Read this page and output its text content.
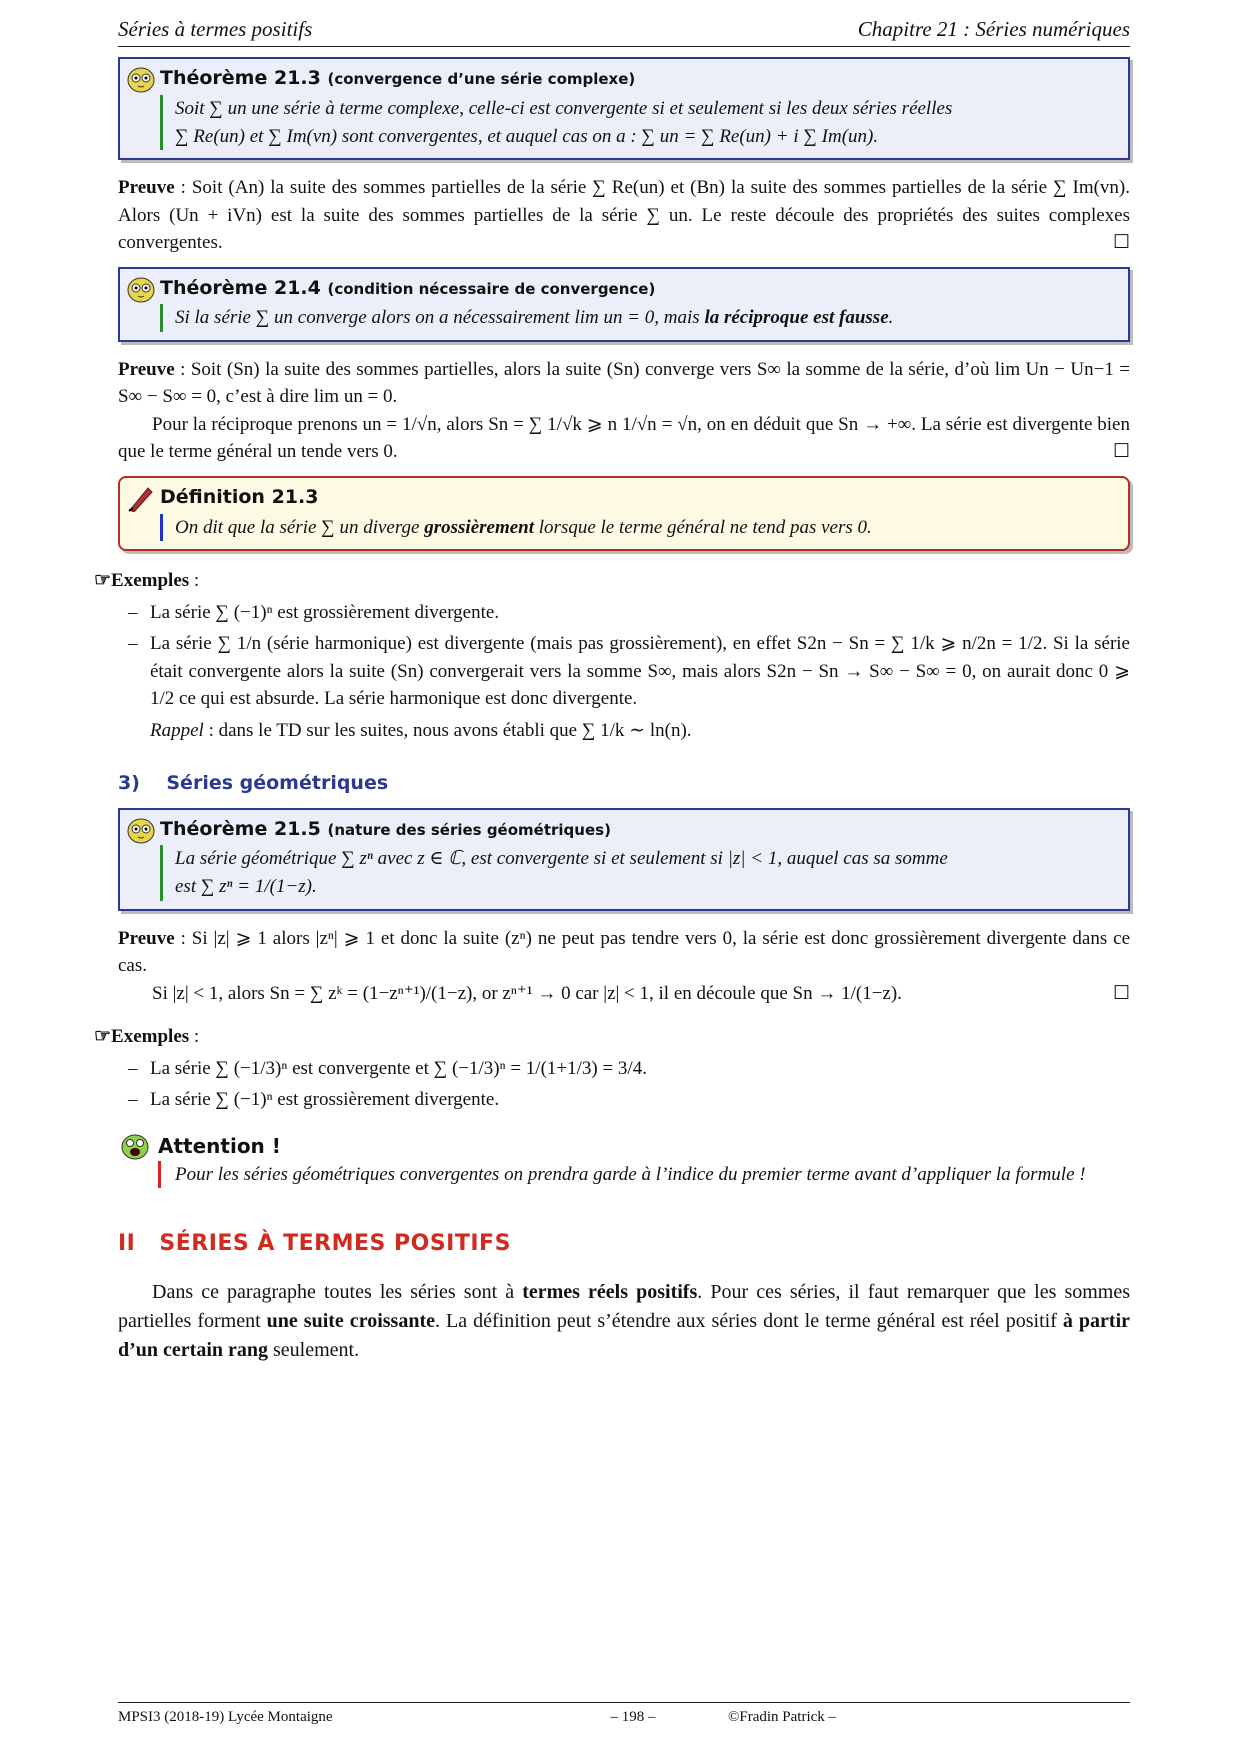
Séries à termes positifs	Chapitre 21 : Séries numériques
Théorème 21.3 (convergence d’une série complexe)
Soit ∑ un une série à terme complexe, celle-ci est convergente si et seulement si les deux séries réelles
∑ Re(un) et ∑ Im(vn) sont convergentes, et auquel cas on a : ∑ un = ∑ Re(un) + i ∑ Im(un).

Preuve : Soit (An) la suite des sommes partielles de la série ∑ Re(un) et (Bn) la suite des sommes partielles de la série ∑ Im(vn). Alors (Un + iVn) est la suite des sommes partielles de la série ∑ un. Le reste découle des propriétés des suites complexes convergentes.	☐

Théorème 21.4 (condition nécessaire de convergence)
Si la série ∑ un converge alors on a nécessairement lim un = 0, mais la réciproque est fausse.

Preuve : Soit (Sn) la suite des sommes partielles, alors la suite (Sn) converge vers S∞ la somme de la série, d’où lim Un − Un−1 = S∞ − S∞ = 0, c’est à dire lim un = 0.

Pour la réciproque prenons un = 1/√n, alors Sn = ∑ 1/√k ⩾ n 1/√n = √n, on en déduit que Sn → +∞. La série est divergente bien que le terme général un tende vers 0.	☐

Définition 21.3
On dit que la série ∑ un diverge grossièrement lorsque le terme général ne tend pas vers 0.
☞Exemples :
– La série ∑ (−1)ⁿ est grossièrement divergente.
– La série ∑ 1/n (série harmonique) est divergente (mais pas grossièrement), en effet S2n − Sn = ∑ 1/k ⩾ n/2n = 1/2. Si la série était convergente alors la suite (Sn) convergerait vers la somme S∞, mais alors S2n − Sn → S∞ − S∞ = 0, on aurait donc 0 ⩾ 1/2 ce qui est absurde. La série harmonique est donc divergente.
Rappel : dans le TD sur les suites, nous avons établi que ∑ 1/k ∼ ln(n).
3) Séries géométriques
Théorème 21.5 (nature des séries géométriques)
La série géométrique ∑ zⁿ avec z ∈ ℂ, est convergente si et seulement si |z| < 1, auquel cas sa somme
est ∑ zⁿ = 1/(1−z).

Preuve : Si |z| ⩾ 1 alors |zⁿ| ⩾ 1 et donc la suite (zⁿ) ne peut pas tendre vers 0, la série est donc grossièrement divergente dans ce cas.

Si |z| < 1, alors Sn = ∑ zᵏ = (1−zⁿ⁺¹)/(1−z), or zⁿ⁺¹ → 0 car |z| < 1, il en découle que Sn → 1/(1−z).	☐

☞Exemples :
– La série ∑ (−1/3)ⁿ est convergente et ∑ (−1/3)ⁿ = 1/(1+1/3) = 3/4.
– La série ∑ (−1)ⁿ est grossièrement divergente.
Attention !
Pour les séries géométriques convergentes on prendra garde à l’indice du premier terme avant d’appliquer la formule !
II SÉRIES À TERMES POSITIFS
Dans ce paragraphe toutes les séries sont à termes réels positifs. Pour ces séries, il faut remarquer que les sommes partielles forment une suite croissante. La définition peut s’étendre aux séries dont le terme général est réel positif à partir d’un certain rang seulement.
MPSI3 (2018-19) Lycée Montaigne	– 198 –	©Fradin Patrick –
